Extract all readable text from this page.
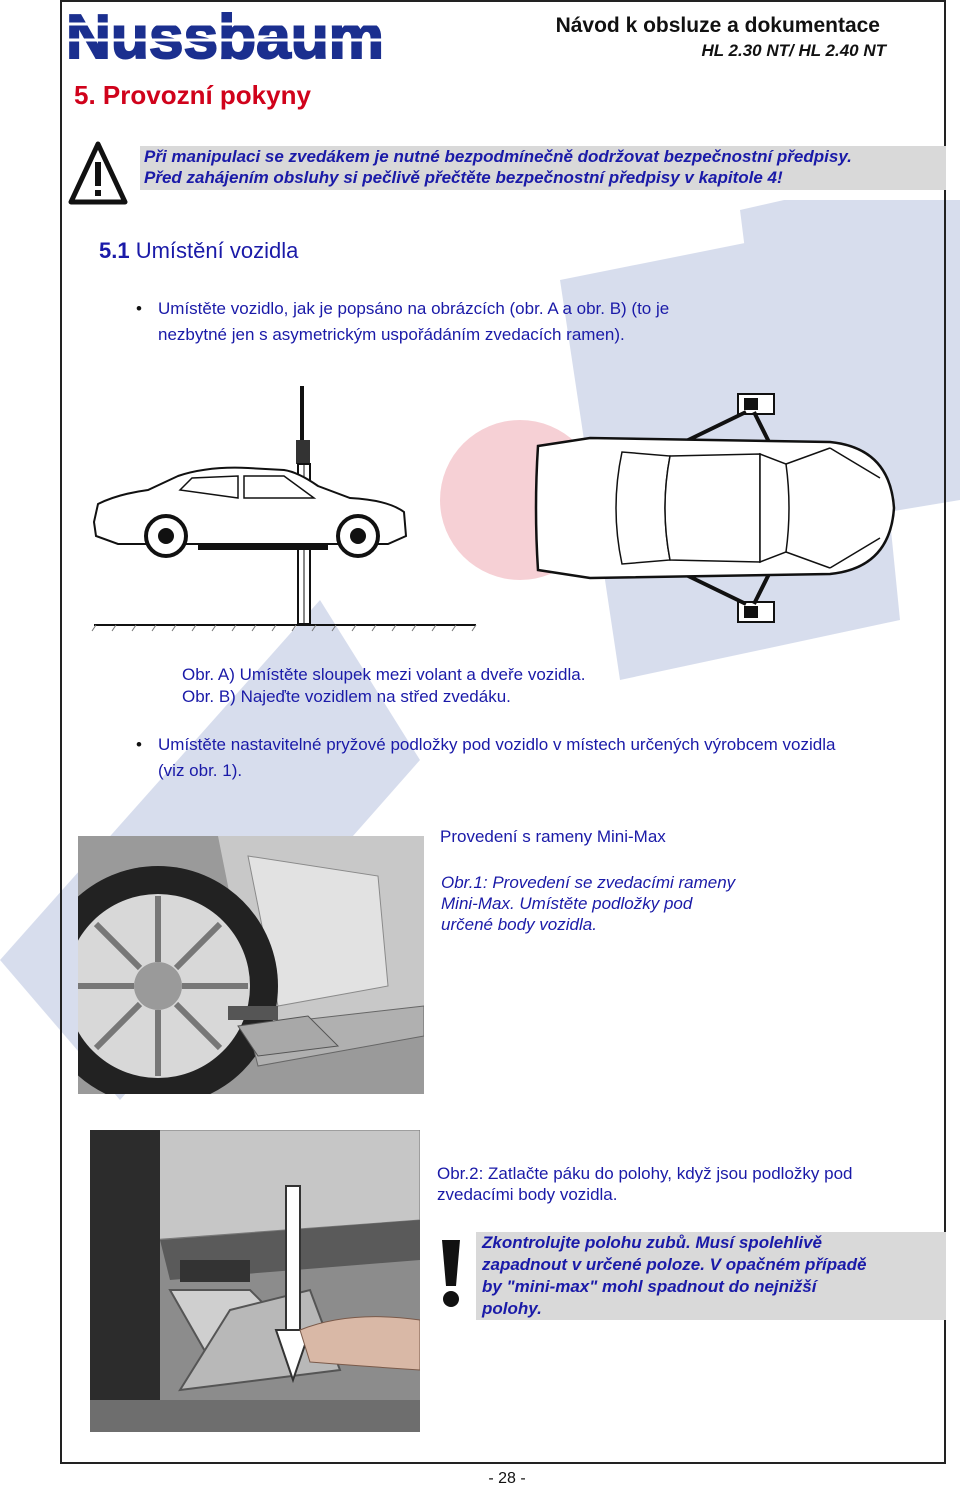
Nussbaum	Návod k obsluze a dokumentace
HL 2.30 NT/ HL 2.40 NT
5. Provozní pokyny

Při manipulaci se zvedákem je nutné bezpodmínečně dodržovat bezpečnostní předpisy.

Před zahájením obsluhy si pečlivě přečtěte bezpečnostní předpisy v kapitole 4!

5.1 Umístění vozidla
• Umístěte vozidlo, jak je popsáno na obrázcích (obr. A a obr. B) (to je
nezbytné jen s asymetrickým uspořádáním zvedacích ramen).
Obr. A) Umístěte sloupek mezi volant a dveře vozidla.
Obr. B) Najeďte vozidlem na střed zvedáku.
• Umístěte nastavitelné pryžové podložky pod vozidlo v místech určených výrobcem vozidla
(viz obr. 1).
Provedení s rameny Mini-Max
Obr.1: Provedení se zvedacími rameny
Mini-Max. Umístěte podložky pod
určené body vozidla.
Obr.2: Zatlačte páku do polohy, když jsou podložky pod
zvedacími body vozidla.

Zkontrolujte polohu zubů. Musí spolehlivě

zapadnout v určené poloze. V opačném případě

by "mini-max" mohl spadnout do nejnižší

polohy.

- 28 -
